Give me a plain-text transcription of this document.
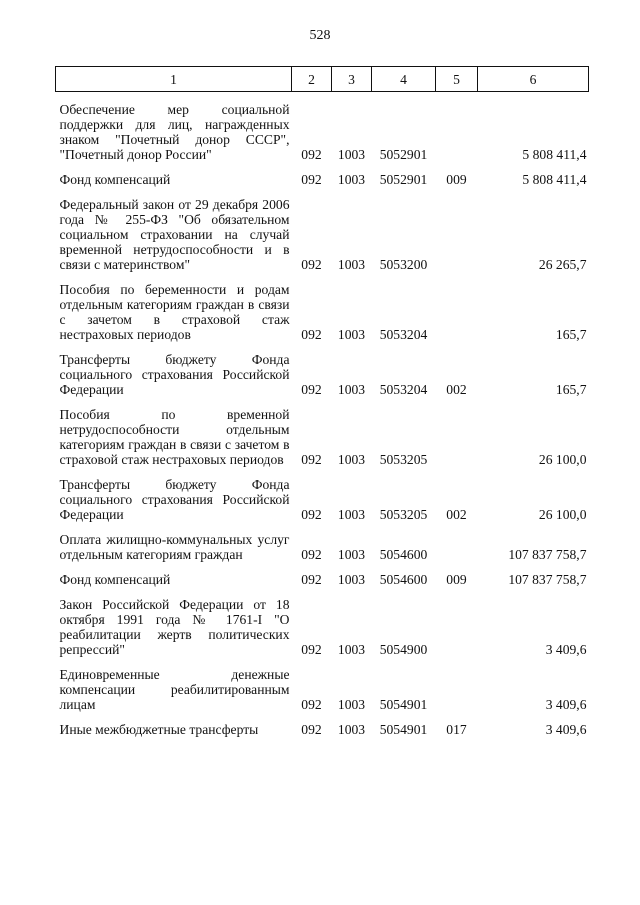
528
1	2	3	4	5	6

Обеспечение мер социальной поддержки для лиц, награжденных знаком "Почетный донор СССР", "Почетный донор России"	092	1003	5052901		5 808 411,4

Фонд компенсаций	092	1003	5052901	009	5 808 411,4

Федеральный закон от 29 декабря 2006 года № 255-ФЗ "Об обязательном социальном страховании на случай временной нетрудоспособности и в связи с материнством"	092	1003	5053200		26 265,7

Пособия по беременности и родам отдельным категориям граждан в связи с зачетом в страховой стаж нестраховых периодов	092	1003	5053204		165,7

Трансферты бюджету Фонда социального страхования Российской Федерации	092	1003	5053204	002	165,7

Пособия по временной нетрудоспособности отдельным категориям граждан в связи с зачетом в страховой стаж нестраховых периодов	092	1003	5053205		26 100,0

Трансферты бюджету Фонда социального страхования Российской Федерации	092	1003	5053205	002	26 100,0

Оплата жилищно-коммунальных услуг отдельным категориям граждан	092	1003	5054600		107 837 758,7

Фонд компенсаций	092	1003	5054600	009	107 837 758,7

Закон Российской Федерации от 18 октября 1991 года № 1761-I "О реабилитации жертв политических репрессий"	092	1003	5054900		3 409,6

Единовременные денежные компенсации реабилитированным лицам	092	1003	5054901		3 409,6

Иные межбюджетные трансферты	092	1003	5054901	017	3 409,6
